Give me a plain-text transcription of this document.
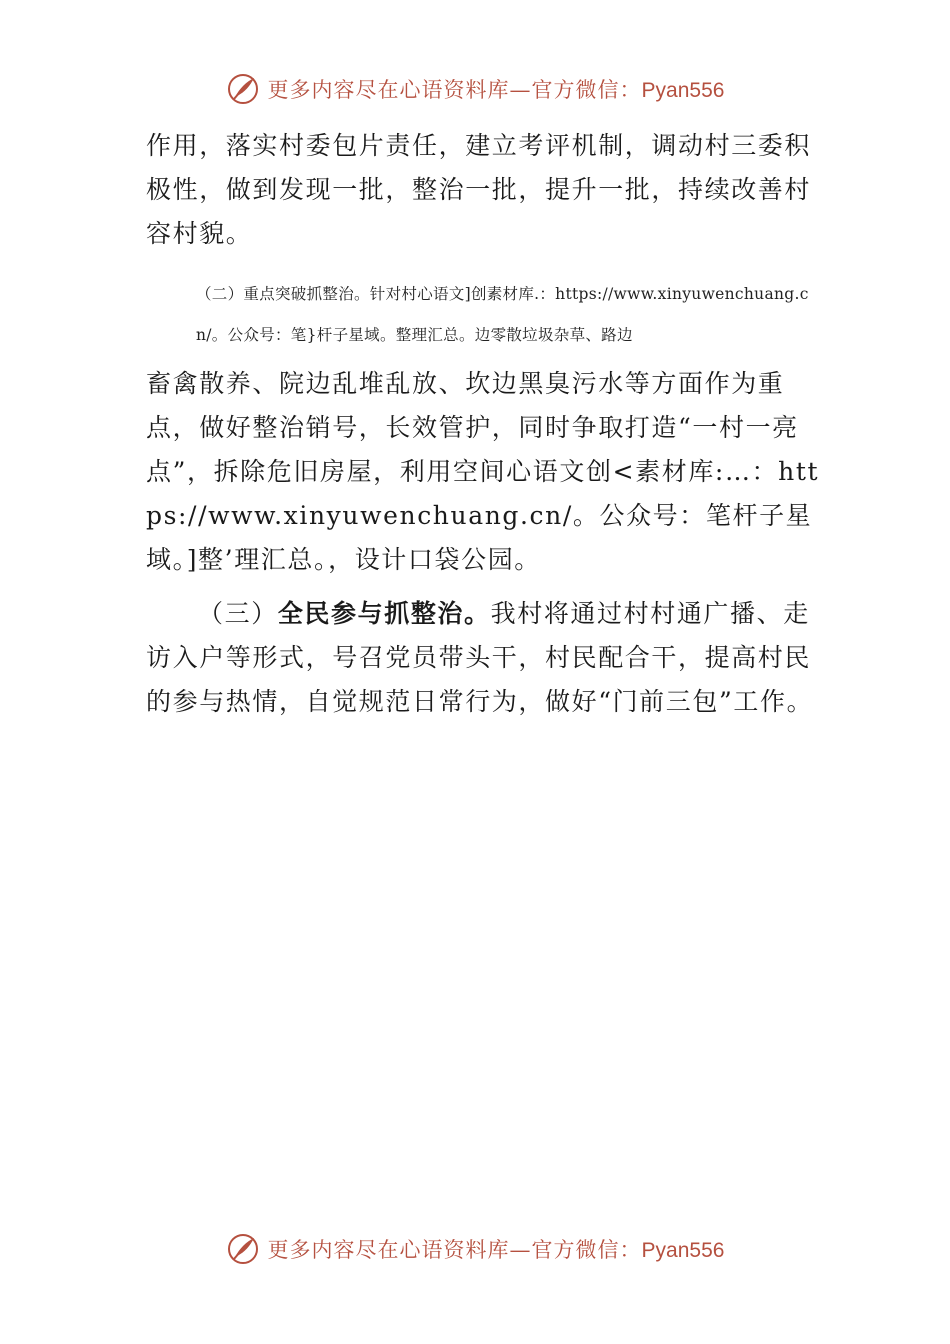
更多内容尽在心语资料库—官方微信：Pyan556

作用，落实村委包片责任，建立考评机制，调动村三委积极性，做到发现一批，整治一批，提升一批，持续改善村容村貌。

（二）重点突破抓整治。针对村心语文]创素材库.：https://www.xinyuwenchuang.cn/。公众号：笔}杆子星域。整理汇总。边零散垃圾杂草、路边

畜禽散养、院边乱堆乱放、坎边黑臭污水等方面作为重点，做好整治销号，长效管护，同时争取打造“一村一亮点”，拆除危旧房屋，利用空间心语文创<素材库:…：https://www.xinyuwenchuang.cn/。公众号：笔杆子星域。]整’理汇总。，设计口袋公园。

（三）全民参与抓整治。我村将通过村村通广播、走访入户等形式，号召党员带头干，村民配合干，提高村民的参与热情，自觉规范日常行为，做好“门前三包”工作。

更多内容尽在心语资料库—官方微信：Pyan556
